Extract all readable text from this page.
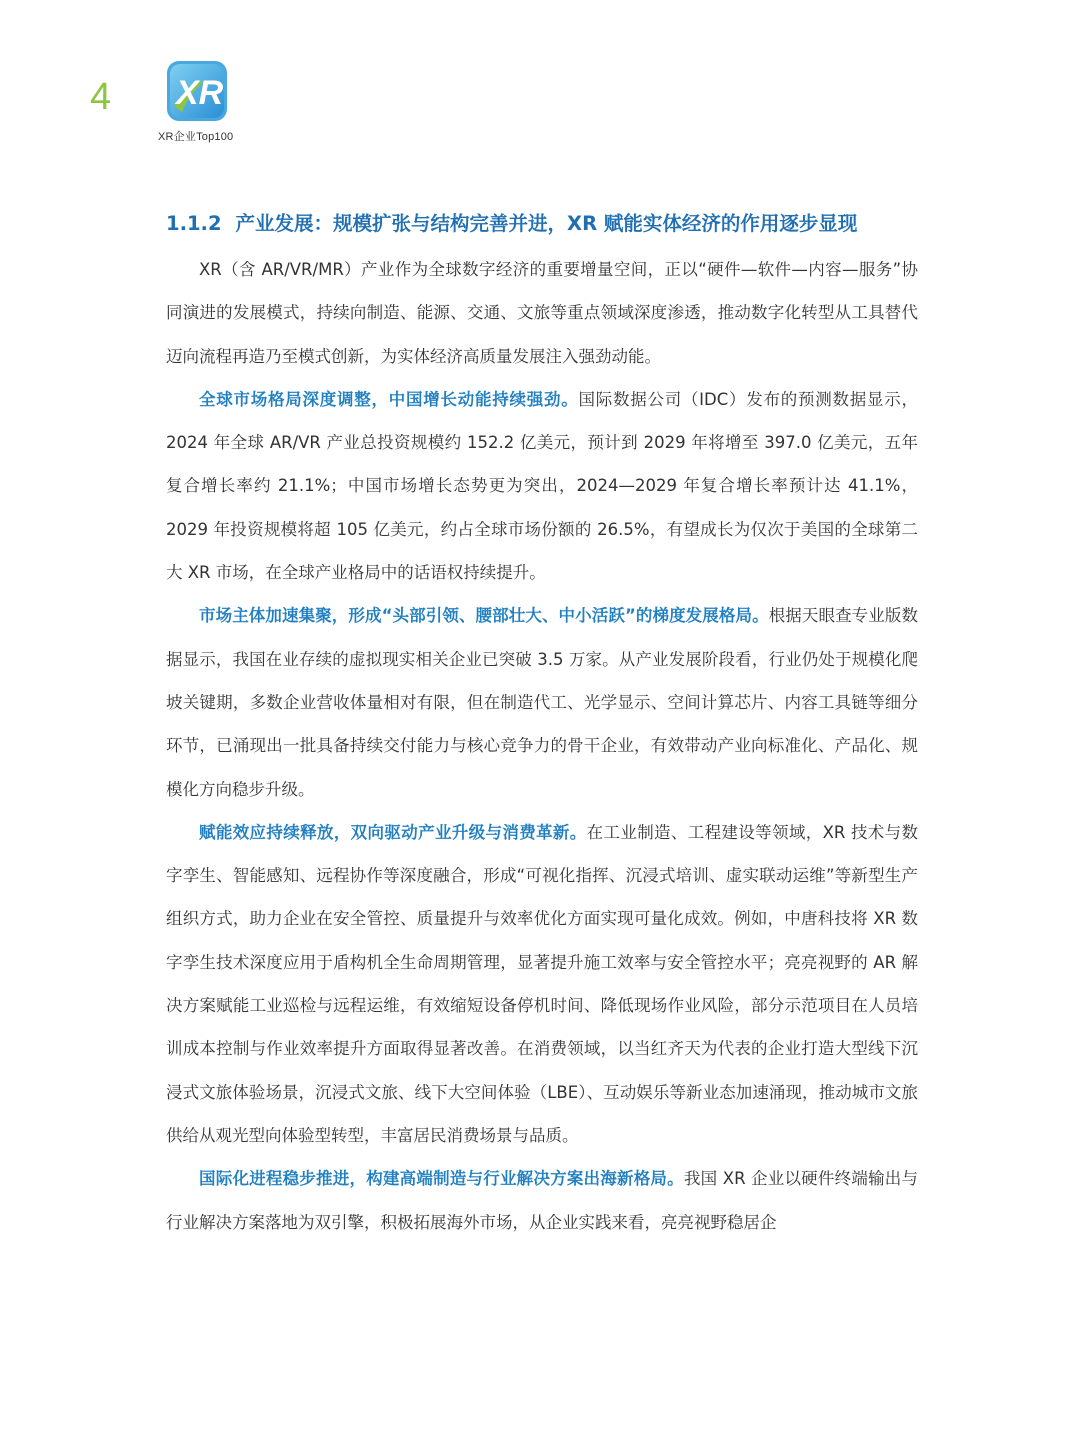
4 XR
XR企业Top100
1.1.2 产业发展：规模扩张与结构完善并进，XR 赋能实体经济的作用逐步显现

XR（含 AR/VR/MR）产业作为全球数字经济的重要增量空间，正以“硬件—软件—内容—服务”协同演进的发展模式，持续向制造、能源、交通、文旅等重点领域深度渗透，推动数字化转型从工具替代迈向流程再造乃至模式创新，为实体经济高质量发展注入强劲动能。

全球市场格局深度调整，中国增长动能持续强劲。国际数据公司（IDC）发布的预测数据显示，2024 年全球 AR/VR 产业总投资规模约 152.2 亿美元，预计到 2029 年将增至 397.0 亿美元，五年复合增长率约 21.1%；中国市场增长态势更为突出，2024—2029 年复合增长率预计达 41.1%，2029 年投资规模将超 105 亿美元，约占全球市场份额的 26.5%，有望成长为仅次于美国的全球第二大 XR 市场，在全球产业格局中的话语权持续提升。

市场主体加速集聚，形成“头部引领、腰部壮大、中小活跃”的梯度发展格局。根据天眼查专业版数据显示，我国在业存续的虚拟现实相关企业已突破 3.5 万家。从产业发展阶段看，行业仍处于规模化爬坡关键期，多数企业营收体量相对有限，但在制造代工、光学显示、空间计算芯片、内容工具链等细分环节，已涌现出一批具备持续交付能力与核心竞争力的骨干企业，有效带动产业向标准化、产品化、规模化方向稳步升级。

赋能效应持续释放，双向驱动产业升级与消费革新。在工业制造、工程建设等领域，XR 技术与数字孪生、智能感知、远程协作等深度融合，形成“可视化指挥、沉浸式培训、虚实联动运维”等新型生产组织方式，助力企业在安全管控、质量提升与效率优化方面实现可量化成效。例如，中唐科技将 XR 数字孪生技术深度应用于盾构机全生命周期管理，显著提升施工效率与安全管控水平；亮亮视野的 AR 解决方案赋能工业巡检与远程运维，有效缩短设备停机时间、降低现场作业风险，部分示范项目在人员培训成本控制与作业效率提升方面取得显著改善。在消费领域，以当红齐天为代表的企业打造大型线下沉浸式文旅体验场景，沉浸式文旅、线下大空间体验（LBE）、互动娱乐等新业态加速涌现，推动城市文旅供给从观光型向体验型转型，丰富居民消费场景与品质。

国际化进程稳步推进，构建高端制造与行业解决方案出海新格局。我国 XR 企业以硬件终端输出与行业解决方案落地为双引擎，积极拓展海外市场，从企业实践来看，亮亮视野稳居企
